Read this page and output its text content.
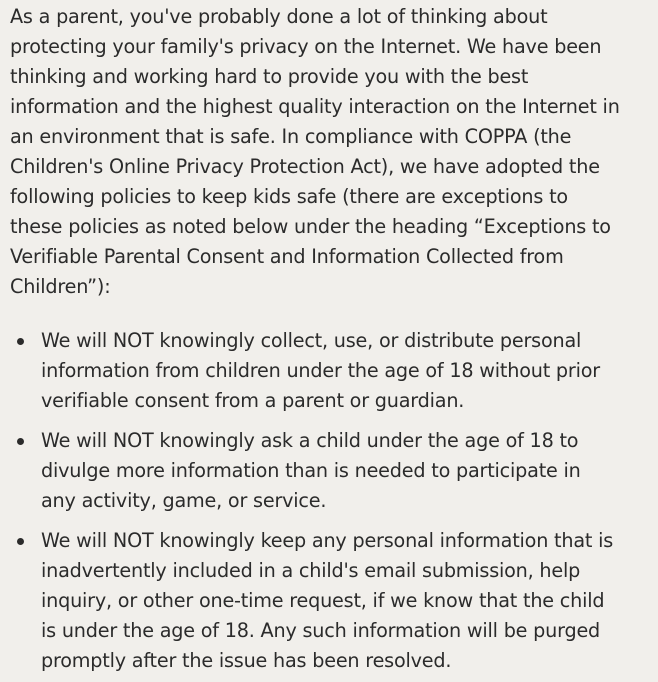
As a parent, you've probably done a lot of thinking about
protecting your family's privacy on the Internet. We have been
thinking and working hard to provide you with the best
information and the highest quality interaction on the Internet in
an environment that is safe. In compliance with COPPA (the
Children's Online Privacy Protection Act), we have adopted the
following policies to keep kids safe (there are exceptions to
these policies as noted below under the heading “Exceptions to
Verifiable Parental Consent and Information Collected from
Children”):

We will NOT knowingly collect, use, or distribute personal
information from children under the age of 18 without prior
verifiable consent from a parent or guardian.
We will NOT knowingly ask a child under the age of 18 to
divulge more information than is needed to participate in
any activity, game, or service.
We will NOT knowingly keep any personal information that is
inadvertently included in a child's email submission, help
inquiry, or other one-time request, if we know that the child
is under the age of 18. Any such information will be purged
promptly after the issue has been resolved.
